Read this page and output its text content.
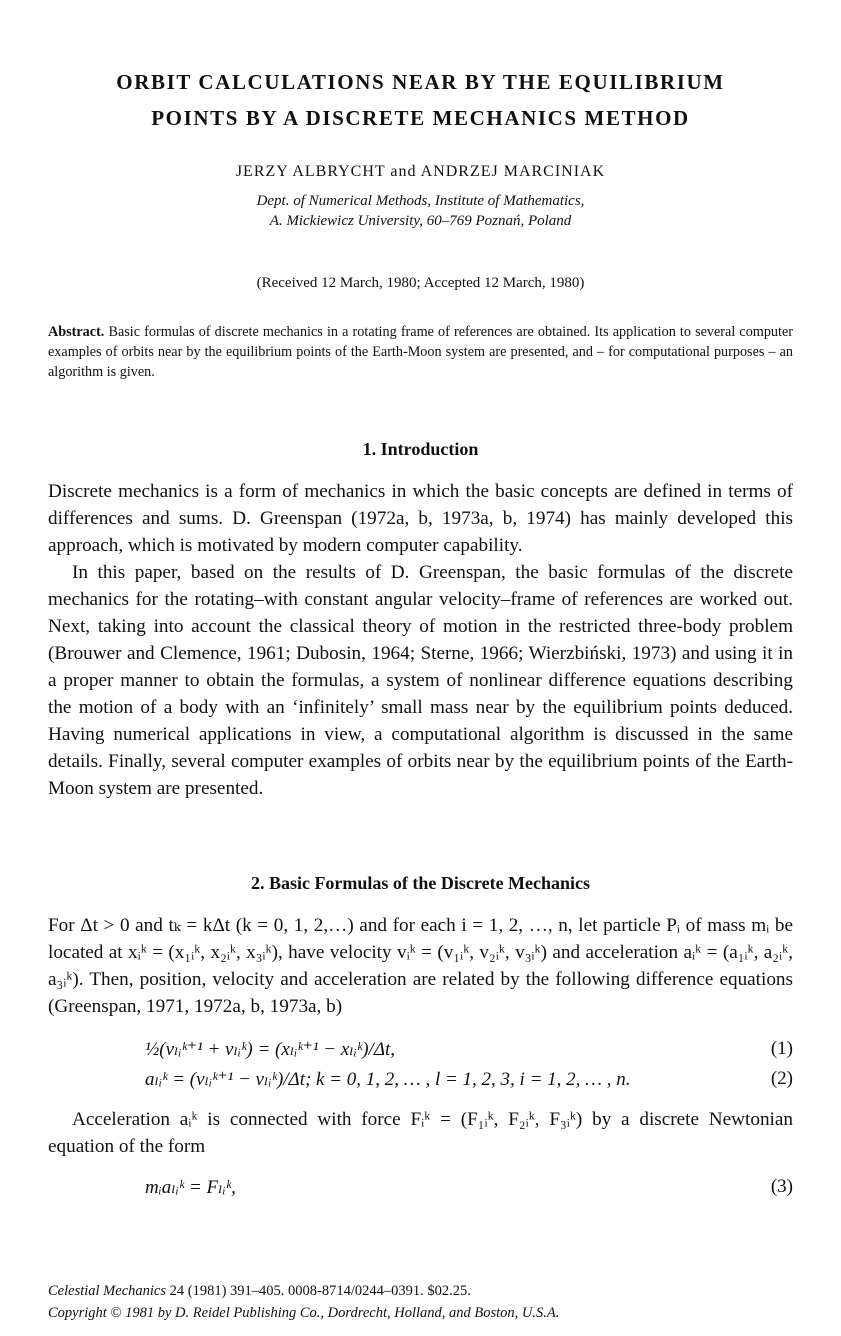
ORBIT CALCULATIONS NEAR BY THE EQUILIBRIUM
POINTS BY A DISCRETE MECHANICS METHOD
JERZY ALBRYCHT and ANDRZEJ MARCINIAK
Dept. of Numerical Methods, Institute of Mathematics,
A. Mickiewicz University, 60–769 Poznań, Poland
(Received 12 March, 1980; Accepted 12 March, 1980)
Abstract. Basic formulas of discrete mechanics in a rotating frame of references are obtained. Its application to several computer examples of orbits near by the equilibrium points of the Earth-Moon system are presented, and – for computational purposes – an algorithm is given.
1. Introduction
Discrete mechanics is a form of mechanics in which the basic concepts are defined in terms of differences and sums. D. Greenspan (1972a, b, 1973a, b, 1974) has mainly developed this approach, which is motivated by modern computer capability.
In this paper, based on the results of D. Greenspan, the basic formulas of the discrete mechanics for the rotating–with constant angular velocity–frame of references are worked out. Next, taking into account the classical theory of motion in the restricted three-body problem (Brouwer and Clemence, 1961; Dubosin, 1964; Sterne, 1966; Wierzbiński, 1973) and using it in a proper manner to obtain the formulas, a system of nonlinear difference equations describing the motion of a body with an ‘infinitely’ small mass near by the equilibrium points deduced. Having numerical applications in view, a computational algorithm is discussed in the same details. Finally, several computer examples of orbits near by the equilibrium points of the Earth-Moon system are presented.
2. Basic Formulas of the Discrete Mechanics
For Δt > 0 and tₖ = kΔt (k = 0, 1, 2,…) and for each i = 1, 2, …, n, let particle Pᵢ of mass mᵢ be located at xᵢᵏ = (x₁ᵢᵏ, x₂ᵢᵏ, x₃ᵢᵏ), have velocity vᵢᵏ = (v₁ᵢᵏ, v₂ᵢᵏ, v₃ᵢᵏ) and acceleration aᵢᵏ = (a₁ᵢᵏ, a₂ᵢᵏ, a₃ᵢᵏ). Then, position, velocity and acceleration are related by the following difference equations (Greenspan, 1971, 1972a, b, 1973a, b)
½(vₗᵢᵏ⁺¹ + vₗᵢᵏ) = (xₗᵢᵏ⁺¹ − xₗᵢᵏ)/Δt,	(1)
aₗᵢᵏ = (vₗᵢᵏ⁺¹ − vₗᵢᵏ)/Δt; k = 0, 1, 2, … , l = 1, 2, 3, i = 1, 2, … , n.	(2)
Acceleration aᵢᵏ is connected with force Fᵢᵏ = (F₁ᵢᵏ, F₂ᵢᵏ, F₃ᵢᵏ) by a discrete Newtonian equation of the form
mᵢaₗᵢᵏ = Fₗᵢᵏ,	(3)
Celestial Mechanics 24 (1981) 391–405. 0008-8714/0244–0391. $02.25.
Copyright © 1981 by D. Reidel Publishing Co., Dordrecht, Holland, and Boston, U.S.A.
